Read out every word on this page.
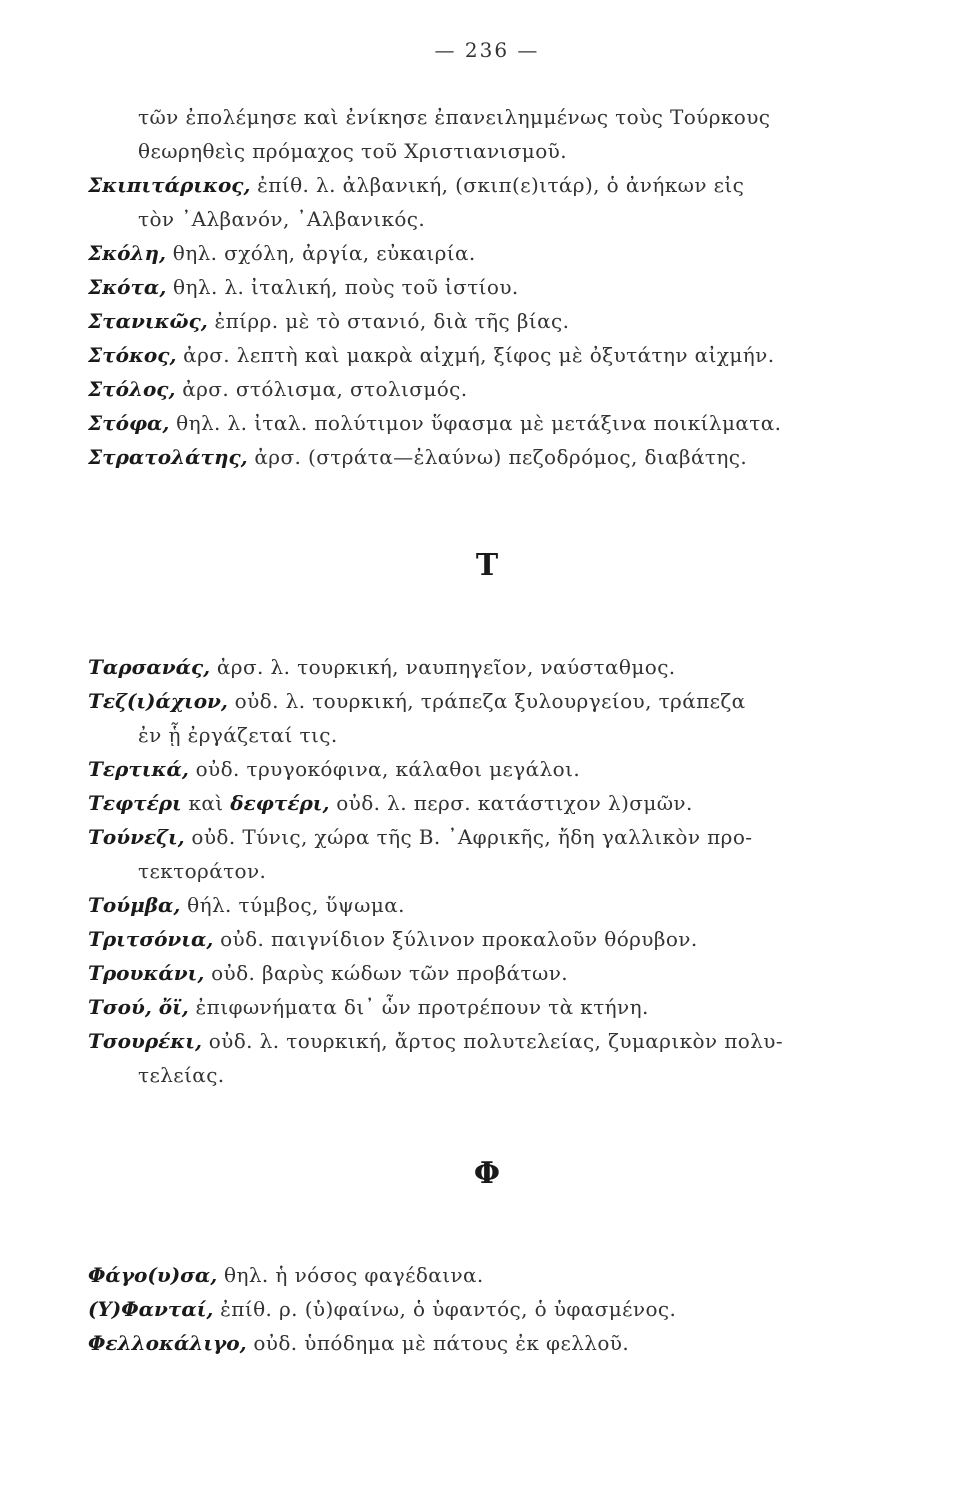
— 236 —
τῶν ἐπολέμησε καὶ ἐνίκησε ἐπανειλημμένως τοὺς Τούρκους
θεωρηθεὶς πρόμαχος τοῦ Χριστιανισμοῦ.
Σκιπιτάρικος, ἐπίθ. λ. ἀλβανική, (σκιπ(ε)ιτάρ), ὁ ἀνήκων εἰς
τὸν ᾿Αλβανόν, ᾿Αλβανικός.
Σκόλη, θηλ. σχόλη, ἀργία, εὐκαιρία.
Σκότα, θηλ. λ. ἰταλική, ποὺς τοῦ ἱστίου.
Στανικῶς, ἐπίρρ. μὲ τὸ στανιό, διὰ τῆς βίας.
Στόκος, ἀρσ. λεπτὴ καὶ μακρὰ αἰχμή, ξίφος μὲ ὀξυτάτην αἰχμήν.
Στόλος, ἀρσ. στόλισμα, στολισμός.
Στόφα, θηλ. λ. ἰταλ. πολύτιμον ὕφασμα μὲ μετάξινα ποικίλματα.
Στρατολάτης, ἀρσ. (στράτα—ἐλαύνω) πεζοδρόμος, διαβάτης.
Τ
Ταρσανάς, ἀρσ. λ. τουρκική, ναυπηγεῖον, ναύσταθμος.
Τεζ(ι)άχιον, οὐδ. λ. τουρκική, τράπεζα ξυλουργείου, τράπεζα
ἐν ᾗ ἐργάζεταί τις.
Τερτικά, οὐδ. τρυγοκόφινα, κάλαθοι μεγάλοι.
Τεφτέρι καὶ δεφτέρι, οὐδ. λ. περσ. κατάστιχον λ)σμῶν.
Τούνεζι, οὐδ. Τύνις, χώρα τῆς Β. ᾿Αφρικῆς, ἤδη γαλλικὸν προ-
τεκτοράτον.
Τούμβα, θήλ. τύμβος, ὕψωμα.
Τριτσόνια, οὐδ. παιγνίδιον ξύλινον προκαλοῦν θόρυβον.
Τρουκάνι, οὐδ. βαρὺς κώδων τῶν προβάτων.
Τσού, ὄϊ, ἐπιφωνήματα δι᾿ ὧν προτρέπουν τὰ κτήνη.
Τσουρέκι, οὐδ. λ. τουρκική, ἄρτος πολυτελείας, ζυμαρικὸν πολυ-
τελείας.
Φ
Φάγο(υ)σα, θηλ. ἡ νόσος φαγέδαινα.
(Υ)Φανταί, ἐπίθ. ρ. (ὑ)φαίνω, ὁ ὑφαντός, ὁ ὑφασμένος.
Φελλοκάλιγο, οὐδ. ὑπόδημα μὲ πάτους ἐκ φελλοῦ.
